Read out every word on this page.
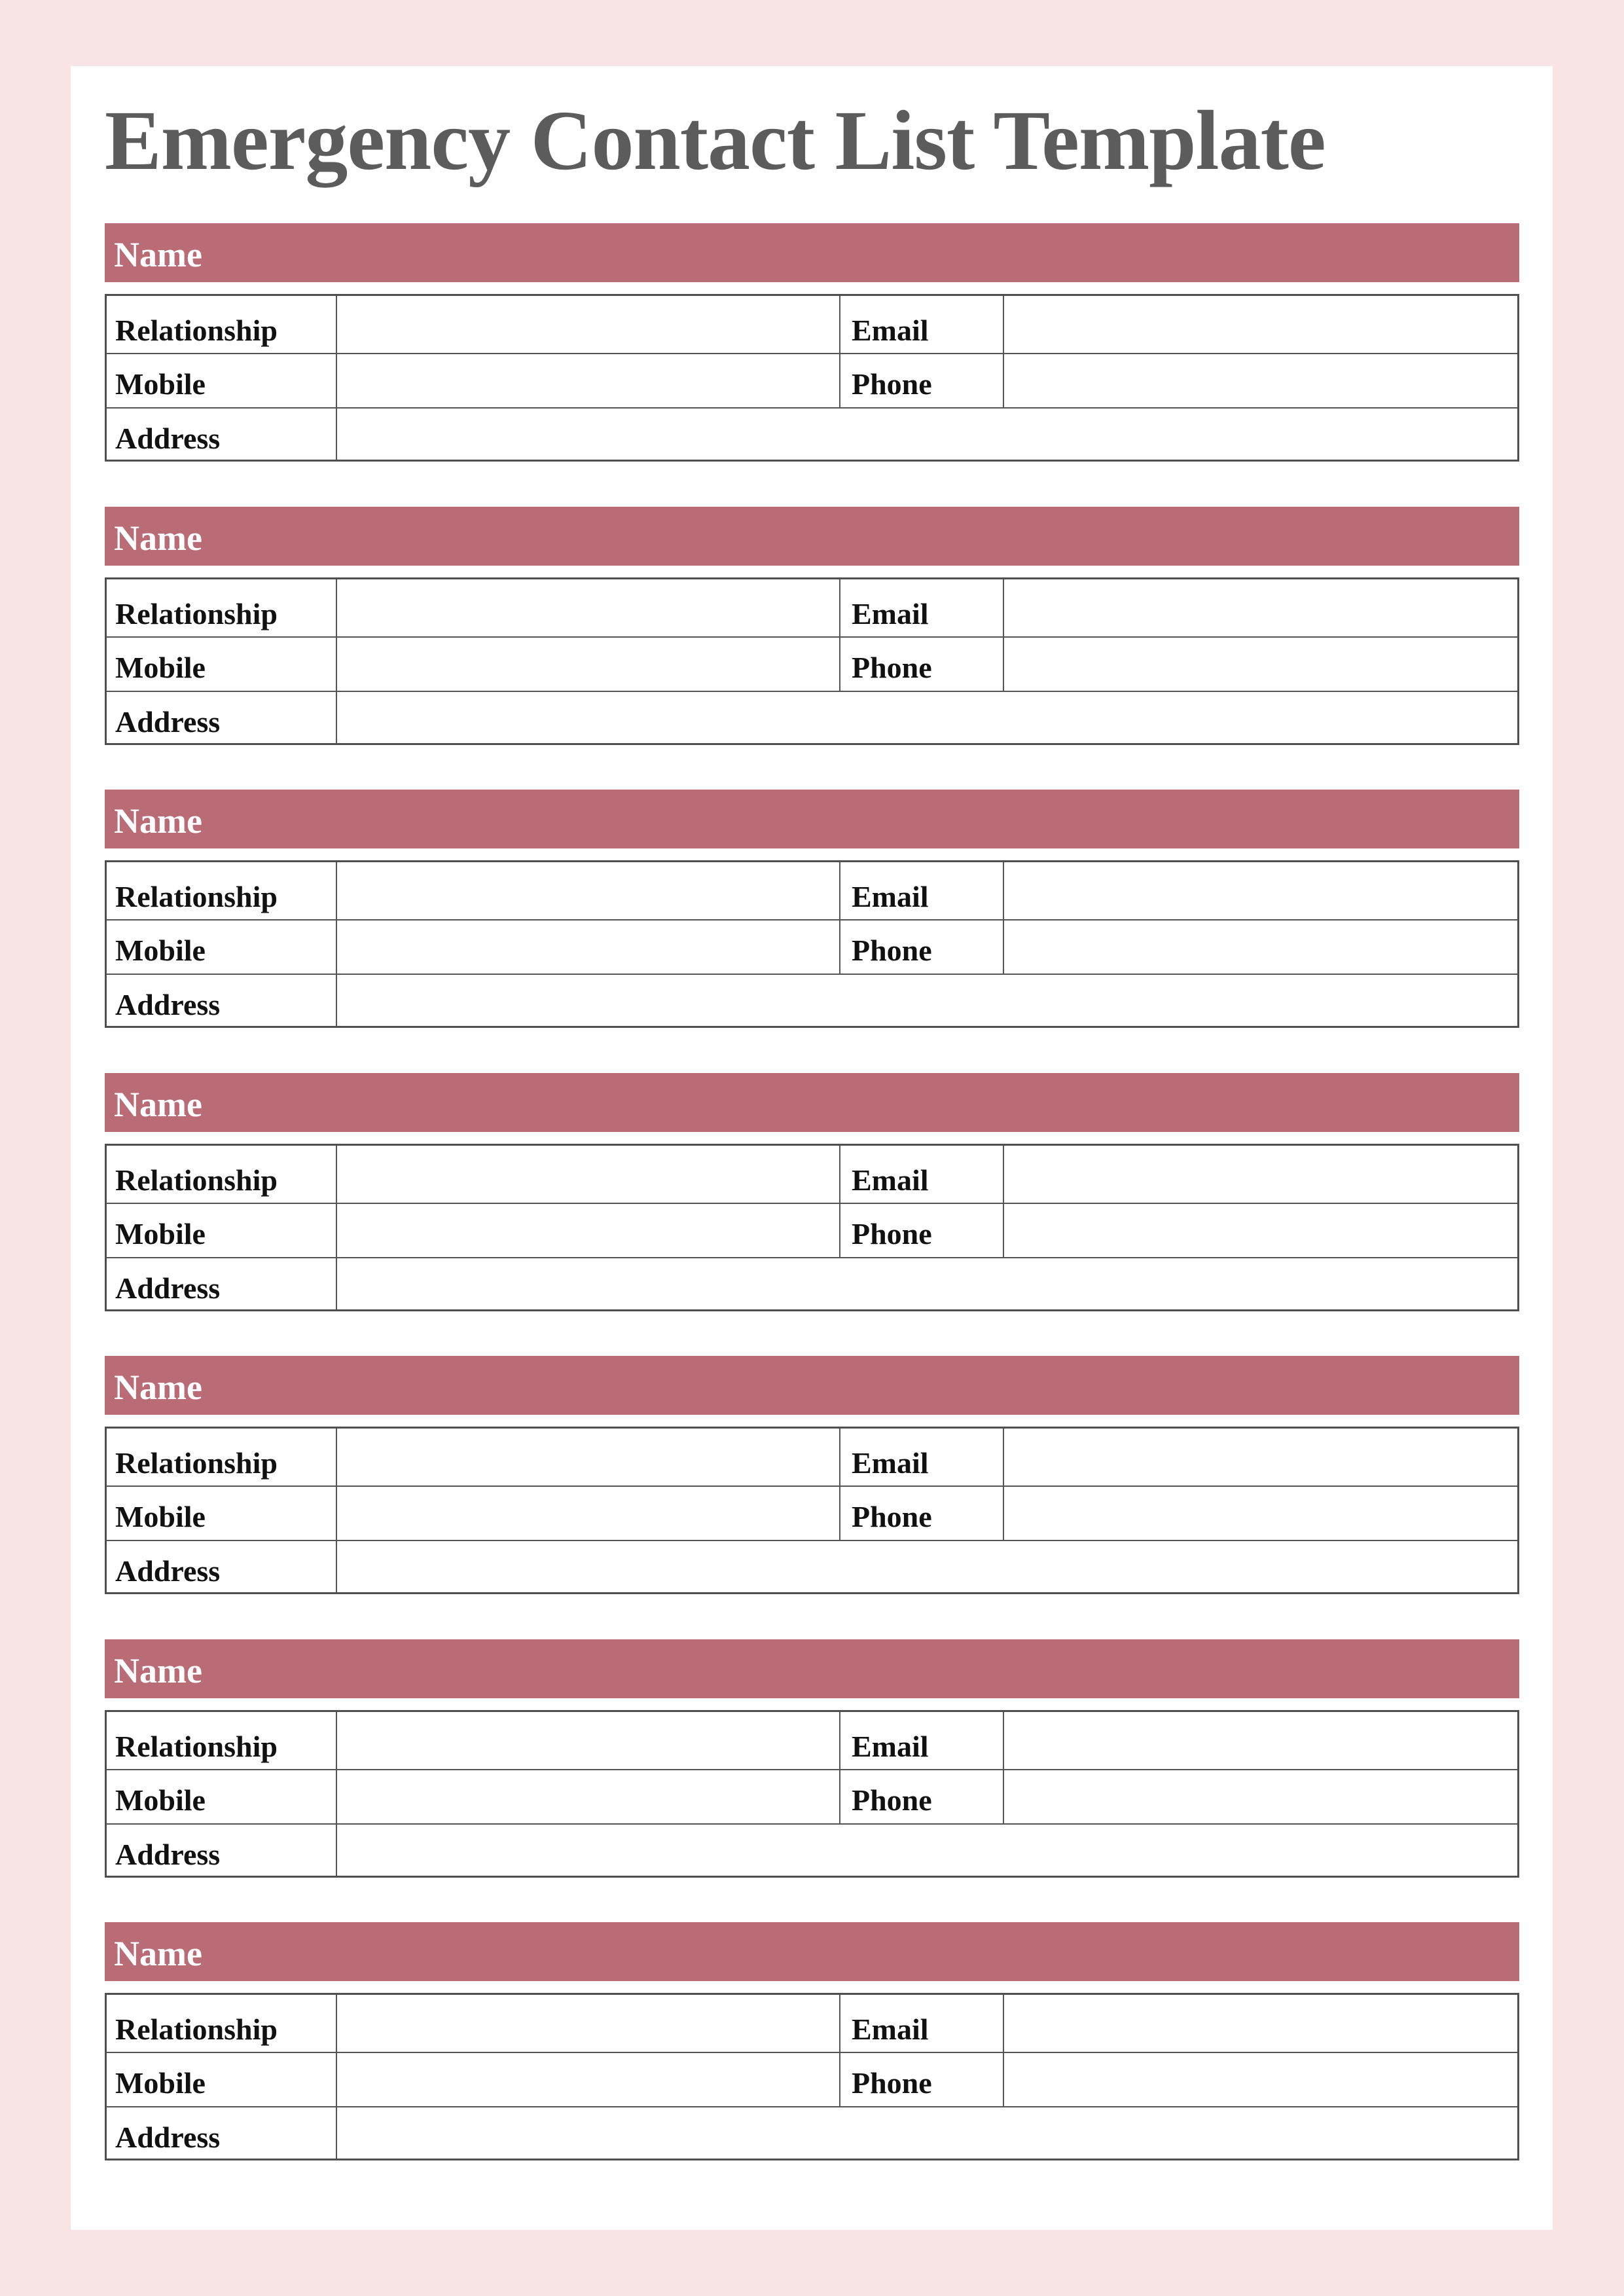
Emergency Contact List Template
Name
Relationship	Email
Mobile	Phone
Address
Name
Relationship	Email
Mobile	Phone
Address
Name
Relationship	Email
Mobile	Phone
Address
Name
Relationship	Email
Mobile	Phone
Address
Name
Relationship	Email
Mobile	Phone
Address
Name
Relationship	Email
Mobile	Phone
Address
Name
Relationship	Email
Mobile	Phone
Address
